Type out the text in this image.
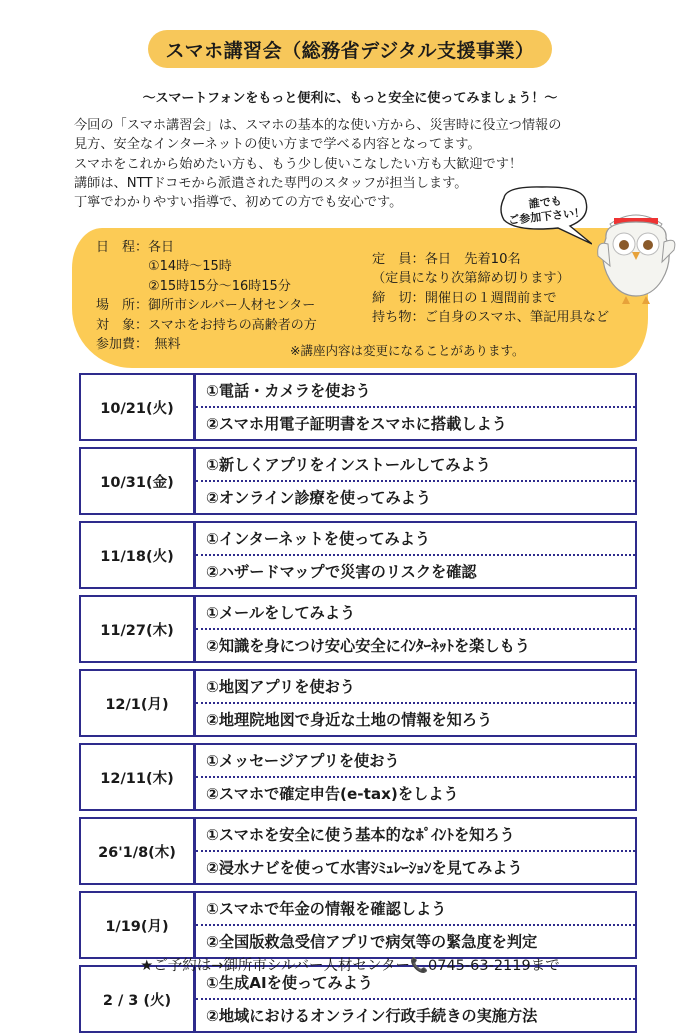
スマホ講習会（総務省デジタル支援事業）
〜スマートフォンをもっと便利に、もっと安全に使ってみましょう！〜

今回の「スマホ講習会」は、スマホの基本的な使い方から、災害時に役立つ情報の

見方、安全なインターネットの使い方まで学べる内容となってます。

スマホをこれから始めたい方も、もう少し使いこなしたい方も大歓迎です！

講師は、NTTドコモから派遣された専門のスタッフが担当します。

丁寧でわかりやすい指導で、初めての方でも安心です。

日　程：各日
　　　　①14時〜15時
　　　　②15時15分〜16時15分
場　所：御所市シルバー人材センター
対　象：スマホをお持ちの高齢者の方
参加費：　無料
定　員：各日　先着10名
（定員になり次第締め切ります）
締　切：開催日の１週間前まで
持ち物：ご自身のスマホ、筆記用具など
※講座内容は変更になることがあります。
誰でも
ご参加下さい！
10/21(火)	①電話・カメラを使おう
	②スマホ用電子証明書をスマホに搭載しよう

10/31(金)	①新しくアプリをインストールしてみよう
	②オンライン診療を使ってみよう

11/18(火)	①インターネットを使ってみよう
	②ハザードマップで災害のリスクを確認

11/27(木)	①メールをしてみよう
	②知識を身につけ安心安全にｲﾝﾀｰﾈｯﾄを楽しもう

12/1(月)	①地図アプリを使おう
	②地理院地図で身近な土地の情報を知ろう

12/11(木)	①メッセージアプリを使おう
	②スマホで確定申告(e-tax)をしよう

26'1/8(木)	①スマホを安全に使う基本的なﾎﾟｲﾝﾄを知ろう
	②浸水ナビを使って水害ｼﾐｭﾚｰｼｮﾝを見てみよう

1/19(月)	①スマホで年金の情報を確認しよう
	②全国版救急受信アプリで病気等の緊急度を判定

2 / 3 (火)	①生成AIを使ってみよう
	②地域におけるオンライン行政手続きの実施方法
★ご予約は→御所市シルバー人材センター📞0745-63-2119まで
